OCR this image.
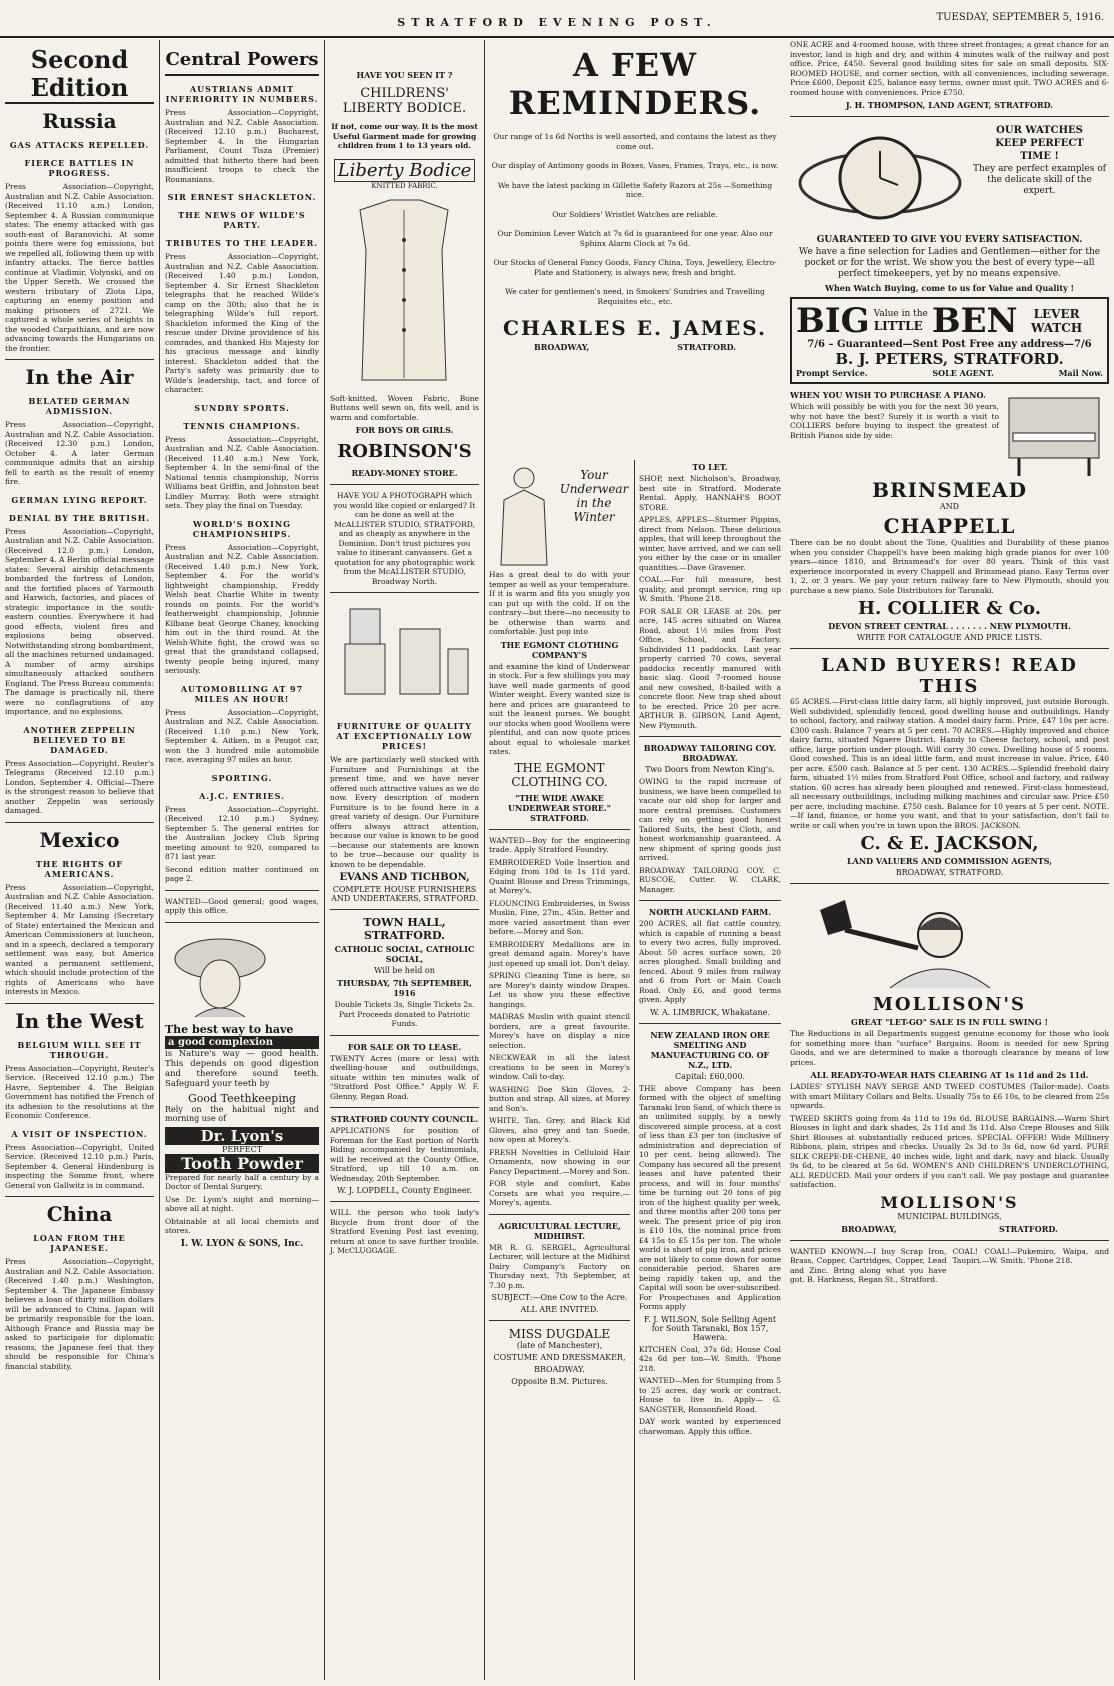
STRATFORD EVENING POST.	TUESDAY, SEPTEMBER 5, 1916.
Second Edition
Russia
GAS ATTACKS REPELLED.
FIERCE BATTLES IN PROGRESS.

Press Association—Copyright, Australian and N.Z. Cable Association. (Received 11.10 a.m.) London, September 4. A Russian communique states: The enemy attacked with gas south-east of Baranovichi. At some points there were fog emissions, but we repelled all, following them up with infantry attacks. The fierce battles continue at Vladimir, Volynski, and on the Upper Sereth. We crossed the western tributary of Zlota Lipa, capturing an enemy position and making prisoners of 2721. We captured a whole series of heights in the wooded Carpathians, and are now advancing towards the Hungarians on the frontier.

In the Air
BELATED GERMAN ADMISSION.

Press Association—Copyright, Australian and N.Z. Cable Association. (Received 12.30 p.m.) London, October 4. A later German communique admits that an airship fell to earth as the result of enemy fire.

GERMAN LYING REPORT.
DENIAL BY THE BRITISH.

Press Association—Copyright, Australian and N.Z. Cable Association. (Received 12.0 p.m.) London, September 4. A Berlin official message states: Several airship detachments bombarded the fortress of London, and the fortified places of Yarmouth and Harwich, factories, and places of strategic importance in the south-eastern counties. Everywhere it had good effects, violent fires and explosions being observed. Notwithstanding strong bombardment, all the machines returned undamaged. A number of army airships simultaneously attacked southern England. The Press Bureau comments: The damage is practically nil, there were no conflagrations of any importance, and no explosions.

ANOTHER ZEPPELIN BELIEVED TO BE DAMAGED.

Press Association—Copyright. Reuter's Telegrams (Received 12.10 p.m.) London, September 4. Official—There is the strongest reason to believe that another Zeppelin was seriously damaged.

Mexico
THE RIGHTS OF AMERICANS.

Press Association—Copyright, Australian and N.Z. Cable Association. (Received 11.40 a.m.) New York, September 4. Mr Lansing (Secretary of State) entertained the Mexican and American Commissioners at luncheon, and in a speech, declared a temporary settlement was easy, but America wanted a permanent settlement, which should include protection of the rights of Americans who have interests in Mexico.

In the West
BELGIUM WILL SEE IT THROUGH.

Press Association—Copyright, Reuter's Service. (Received 12.10 p.m.) The Havre, September 4. The Belgian Government has notified the French of its adhesion to the resolutions at the Economic Conference.

A VISIT OF INSPECTION.

Press Association—Copyright, United Service. (Received 12.10 p.m.) Paris, September 4. General Hindenburg is inspecting the Somme front, where General von Gallwitz is in command.

China
LOAN FROM THE JAPANESE.

Press Association—Copyright, Australian and N.Z. Cable Association. (Received 1.40 p.m.) Washington, September 4. The Japanese Embassy believes a loan of thirty million dollars will be advanced to China. Japan will be primarily responsible for the loan. Although France and Russia may be asked to participate for diplomatic reasons, the Japanese feel that they should be responsible for China's financial stability.

Central Powers
AUSTRIANS ADMIT INFERIORITY IN NUMBERS.

Press Association—Copyright, Australian and N.Z. Cable Association. (Received 12.10 p.m.) Bucharest, September 4. In the Hungarian Parliament, Count Tisza (Premier) admitted that hitherto there had been insufficient troops to check the Roumanians.

SIR ERNEST SHACKLETON.
THE NEWS OF WILDE'S PARTY.
TRIBUTES TO THE LEADER.

Press Association—Copyright, Australian and N.Z. Cable Association. (Received 1.40 p.m.) London, September 4. Sir Ernest Shackleton telegraphs that he reached Wilde's camp on the 30th; also that he is telegraphing Wilde's full report. Shackleton informed the King of the rescue under Divine providence of his comrades, and thanked His Majesty for his gracious message and kindly interest. Shackleton added that the Party's safety was primarily due to Wilde's leadership, tact, and force of character.

SUNDRY SPORTS.
TENNIS CHAMPIONS.

Press Association—Copyright, Australian and N.Z. Cable Association. (Received 11.40 a.m.) New York, September 4. In the semi-final of the National tennis championship, Norris Williams beat Griffin, and Johnston beat Lindley Murray. Both were straight sets. They play the final on Tuesday.

WORLD'S BOXING CHAMPIONSHIPS.

Press Association—Copyright, Australian and N.Z. Cable Association. (Received 1.40 p.m.) New York, September 4. For the world's lightweight championship, Freddy Welsh beat Charlie White in twenty rounds on points. For the world's featherweight championship, Johnnie Kilbane beat George Chaney, knocking him out in the third round. At the Welsh-White fight, the crowd was so great that the grandstand collapsed, twenty people being injured, many seriously.

AUTOMOBILING AT 97 MILES AN HOUR!

Press Association—Copyright, Australian and N.Z. Cable Association. (Received 1.10 p.m.) New York, September 4. Aitken, in a Peugot car, won the 3 hundred mile automobile race, averaging 97 miles an hour.

SPORTING.
A.J.C. ENTRIES.

Press Association—Copyright. (Received 12.10 p.m.) Sydney, September 5. The general entries for the Australian Jockey Club Spring meeting amount to 920, compared to 871 last year.

Second edition matter continued on page 2.

WANTED—Good general; good wages, apply this office.

The best way to have
a good complexion

is Nature's way — good health. This depends on good digestion and therefore sound teeth. Safeguard your teeth by

Good Teethkeeping

Rely on the habitual night and morning use of

Dr. Lyon's
PERFECT
Tooth Powder

Prepared for nearly half a century by a Doctor of Dental Surgery.

Use Dr. Lyon's night and morning—above all at night.

Obtainable at all local chemists and stores.

I. W. LYON & SONS, Inc.
HAVE YOU SEEN IT ?
CHILDRENS' LIBERTY BODICE.

If not, come our way. It is the most Useful Garment made for growing children from 1 to 13 years old.

Liberty Bodice
KNITTED FABRIC.

Soft-knitted, Woven Fabric, Bone Buttons well sewn on, fits well, and is warm and comfortable.

FOR BOYS OR GIRLS.
ROBINSON'S
READY-MONEY STORE.

HAVE YOU A PHOTOGRAPH which you would like copied or enlarged? It can be done as well at the McALLISTER STUDIO, STRATFORD, and as cheaply as anywhere in the Dominion. Don't trust pictures you value to itinerant canvassers. Get a quotation for any photographic work from the McALLISTER STUDIO, Broadway North.

FURNITURE OF QUALITY AT EXCEPTIONALLY LOW PRICES!

We are particularly well stocked with Furniture and Furnishings at the present time, and we have never offered such attractive values as we do now. Every description of modern Furniture is to be found here in a great variety of design. Our Furniture offers always attract attention, because our value is known to be good—because our statements are known to be true—because our quality is known to be dependable.

EVANS AND TICHBON,
COMPLETE HOUSE FURNISHERS AND UNDERTAKERS, STRATFORD.
TOWN HALL, STRATFORD.
CATHOLIC SOCIAL, CATHOLIC SOCIAL,
Will be held on
THURSDAY, 7th SEPTEMBER, 1916

Double Tickets 3s, Single Tickets 2s. Part Proceeds donated to Patriotic Funds.

FOR SALE OR TO LEASE.

TWENTY Acres (more or less) with dwelling-house and outbuildings, situate within ten minutes walk of "Stratford Post Office." Apply W. F. Glenny, Regan Road.

STRATFORD COUNTY COUNCIL.

APPLICATIONS for position of Foreman for the East portion of North Riding accompanied by testimonials, will be received at the County Office, Stratford, up till 10 a.m. on Wednesday, 20th September.

W. J. LOPDELL, County Engineer.

WILL the person who took lady's Bicycle from front door of the Stratford Evening Post last evening, return at once to save further trouble. J. McCLUGGAGE.

A FEW REMINDERS.

Our range of 1s 6d Norths is well assorted, and contains the latest as they come out.

Our display of Antimony goods in Boxes, Vases, Frames, Trays, etc., is now.

We have the latest packing in Gillette Safety Razors at 25s —Something nice.

Our Soldiers' Wristlet Watches are reliable.

Our Dominion Lever Watch at 7s 6d is guaranteed for one year. Also our Sphinx Alarm Clock at 7s 6d.

Our Stocks of General Fancy Goods, Fancy China, Toys, Jewellery, Electro-Plate and Stationery, is always new, fresh and bright.

We cater for gentlemen's need, in Smokers' Sundries and Travelling Requisites etc., etc.

CHARLES E. JAMES.
BROADWAY,	STRATFORD.
Your Underwear in the Winter

Has a great deal to do with your temper as well as your temperature. If it is warm and fits you snugly you can put up with the cold. If on the contrary—but there—no necessity to be otherwise than warm and comfortable. Just pop into

THE EGMONT CLOTHING COMPANY'S

and examine the kind of Underwear in stock. For a few shillings you may have well made garments of good Winter weight. Every wanted size is here and prices are guaranteed to suit the leanest purses. We bought our stocks when good Woollens were plentiful, and can now quote prices about equal to wholesale market rates.

THE EGMONT CLOTHING CO.
"THE WIDE AWAKE UNDERWEAR STORE." STRATFORD.

WANTED—Boy for the engineering trade. Apply Stratford Foundry.

EMBROIDERED Voile Insertion and Edging from 10d to 1s 11d yard. Quaint Blouse and Dress Trimmings, at Morey's.

FLOUNCING Embroideries, in Swiss Muslin, Fine, 27in., 45in. Better and more varied assortment than ever before.—Morey and Son.

EMBROIDERY Medallions are in great demand again. Morey's have just opened up small lot. Don't delay.

SPRING Cleaning Time is here, so are Morey's dainty window Drapes. Let us show you these effective hangings.

MADRAS Muslin with quaint stencil borders, are a great favourite. Morey's have on display a nice selection.

NECKWEAR in all the latest creations to be seen in Morey's window. Call to-day.

WASHING Doe Skin Gloves, 2-button and strap. All sizes, at Morey and Son's.

WHITE, Tan, Grey, and Black Kid Gloves, also grey and tan Suede, now open at Morey's.

FRESH Novelties in Celluloid Hair Ornaments, now showing in our Fancy Department.—Morey and Son.

FOR style and comfort, Kabo Corsets are what you require.—Morey's, agents.

AGRICULTURAL LECTURE, MIDHIRST.

MR R. G. SERGEL, Agricultural Lecturer, will lecture at the Midhirst Dairy Company's Factory on Thursday next, 7th September, at 7.30 p.m.

SUBJECT:—One Cow to the Acre.
ALL ARE INVITED.
MISS DUGDALE
(late of Manchester),
COSTUME AND DRESSMAKER,
BROADWAY.
Opposite B.M. Pictures.
TO LET.

SHOP, next Nicholson's, Broadway, best site in Stratford. Moderate Rental. Apply, HANNAH'S BOOT STORE.

APPLES, APPLES—Sturmer Pippins, direct from Nelson. These delicious apples, that will keep throughout the winter, have arrived, and we can sell you either by the case or in smaller quantities.—Dave Gravener.

COAL.—For full measure, best quality, and prompt service, ring up W. Smith. 'Phone 218.

FOR SALE OR LEASE at 20s. per acre, 145 acres situated on Warea Road, about 1½ miles from Post Office, School, and Factory. Subdivided 11 paddocks. Last year property carried 70 cows, several paddocks recently manured with basic slag. Good 7-roomed house and new cowshed, 8-bailed with a concrete floor. New trap shed about to be erected. Price 20 per acre. ARTHUR B. GIBSON, Land Agent, New Plymouth.

BROADWAY TAILORING COY. BROADWAY.
Two Doors from Newton King's.

OWING to the rapid increase of business, we have been compelled to vacate our old shop for larger and more central premises. Customers can rely on getting good honest Tailored Suits, the best Cloth, and honest workmanship guaranteed. A new shipment of spring goods just arrived.

BROADWAY TAILORING COY. C. RUSCOE, Cutter. W. CLARK, Manager.

NORTH AUCKLAND FARM.

200 ACRES, all flat cattle country, which is capable of running a beast to every two acres, fully improved. About 50 acres surface sown, 20 acres ploughed. Small building and fenced. About 9 miles from railway and 6 from Port or Main Coach Road. Only £6, and good terms given. Apply

W. A. LIMBRICK, Whakatane.
NEW ZEALAND IRON ORE SMELTING AND MANUFACTURING CO. OF N.Z., LTD.
Capital: £60,000.

THE above Company has been formed with the object of smelting Taranaki Iron Sand, of which there is an unlimited supply, by a newly discovered simple process, at a cost of less than £3 per ton (inclusive of administration and depreciation of 10 per cent. being allowed). The Company has secured all the present leases and have patented their process, and will in four months' time be turning out 20 tons of pig iron of the highest quality per week, and three months after 200 tons per week. The present price of pig iron is £10 10s, the nominal price from £4 15s to £5 15s per ton. The whole world is short of pig iron, and prices are not likely to come down for some considerable period. Shares are being rapidly taken up, and the Capital will soon be over-subscribed. For Prospectuses and Application Forms apply

F. J. WILSON, Sole Selling Agent for South Taranaki, Box 157, Hawera.

KITCHEN Coal, 37s 6d; House Coal 42s 6d per ton—W. Smith. 'Phone 218.

WANTED—Men for Stumping from 5 to 25 acres, day work or contract. House to live in. Apply— G. SANGSTER, Ronsonfield Road.

DAY work wanted by experienced charwoman. Apply this office.

ONE ACRE and 4-roomed house, with three street frontages; a great chance for an investor, land is high and dry, and within 4 minutes walk of the railway and post office. Price, £450. Several good building sites for sale on small deposits. SIX-ROOMED HOUSE, and corner section, with all conveniences, including sewerage. Price £600, Deposit £25, balance easy terms, owner must quit. TWO ACRES and 6-roomed house with conveniences. Price £750.

J. H. THOMPSON, LAND AGENT, STRATFORD.
OUR WATCHES
KEEP PERFECT
TIME !

They are perfect examples of the delicate skill of the expert.

GUARANTEED TO GIVE YOU EVERY SATISFACTION.

We have a fine selection for Ladies and Gentlemen—either for the pocket or for the wrist. We show you the best of every type—all perfect timekeepers, yet by no means expensive.

When Watch Buying, come to us for Value and Quality !
BIG Value in the
LITTLE BEN	LEVER WATCH
7/6 – Guaranteed—Sent Post Free any address—7/6
B. J. PETERS, STRATFORD.
Prompt Service.	SOLE AGENT.	Mail Now.
WHEN YOU WISH TO PURCHASE A PIANO.

Which will possibly be with you for the next 30 years, why not have the best? Surely it is worth a visit to COLLIERS before buying to inspect the greatest of British Pianos side by side:

BRINSMEAD
AND
CHAPPELL

There can be no doubt about the Tone, Qualities and Durability of these pianos when you consider Chappell's have been making high grade pianos for over 100 years—since 1810, and Brinsmead's for over 80 years. Think of this vast experience incorporated in every Chappell and Brinsmead piano. Easy Terms over 1, 2, or 3 years. We pay your return railway fare to New Plymouth, should you purchase a new piano. Sole Distributors for Taranaki.

H. COLLIER & Co.
DEVON STREET CENTRAL . . . . . . . NEW PLYMOUTH.
WRITE FOR CATALOGUE AND PRICE LISTS.
LAND BUYERS! READ THIS

65 ACRES.—First-class little dairy farm, all highly improved, just outside Borough. Well subdivided, splendidly fenced, good dwelling house and outbuildings. Handy to school, factory, and railway station. A model dairy farm. Price, £47 10s per acre. £300 cash. Balance 7 years at 5 per cent. 70 ACRES.—Highly improved and choice dairy farm, situated Ngaere District. Handy to Cheese factory, school, and post office, large portion under plough. Will carry 30 cows. Dwelling house of 5 rooms. Good cowshed. This is an ideal little farm, and must increase in value. Price, £40 per acre. £500 cash. Balance at 5 per cent. 130 ACRES.—Splendid freehold dairy farm, situated 1½ miles from Stratford Post Office, school and factory, and railway station. 60 acres has already been ploughed and renewed. First-class homestead, all necessary outbuildings, including milking machines and circular saw. Price £50 per acre, including machine. £750 cash. Balance for 10 years at 5 per cent. NOTE.—If land, finance, or home you want, and that to your satisfaction, don't fail to write or call when you're in town upon the BROS. JACKSON.

C. & E. JACKSON,
LAND VALUERS AND COMMISSION AGENTS,
BROADWAY, STRATFORD.
MOLLISON'S
GREAT "LET-GO" SALE IS IN FULL SWING !

The Reductions in all Departments suggest genuine economy for those who look for something more than "surface" Bargains. Room is needed for new Spring Goods, and we are determined to make a thorough clearance by means of low prices.

ALL READY-TO-WEAR HATS CLEARING AT 1s 11d and 2s 11d.

LADIES' STYLISH NAVY SERGE AND TWEED COSTUMES (Tailor-made). Coats with smart Military Collars and Belts. Usually 75s to £6 10s, to be cleared from 25s upwards.

TWEED SKIRTS going from 4s 11d to 19s 6d. BLOUSE BARGAINS.—Warm Shirt Blouses in light and dark shades, 2s 11d and 3s 11d. Also Crepe Blouses and Silk Shirt Blouses at substantially reduced prices. SPECIAL OFFER! Wide Millinery Ribbons, plain, stripes and checks. Usually 2s 3d to 3s 6d, now 6d yard. PURE SILK CREPE-DE-CHENE, 40 inches wide, light and dark, navy and black. Usually 9s 6d, to be cleared at 5s 6d. WOMEN'S AND CHILDREN'S UNDERCLOTHING, ALL REDUCED. Mail your orders if you can't call. We pay postage and guarantee satisfaction.

MOLLISON'S
MUNICIPAL BUILDINGS,
BROADWAY,	STRATFORD.

WANTED KNOWN.—I buy Scrap Iron, Brass, Copper, Cartridges, Copper, Lead and Zinc. Bring along what you have got. B. Harkness, Regan St., Stratford.

COAL! COAL!—Pukemiro, Waipa, and Taupiri.—W. Smith. 'Phone 218.
